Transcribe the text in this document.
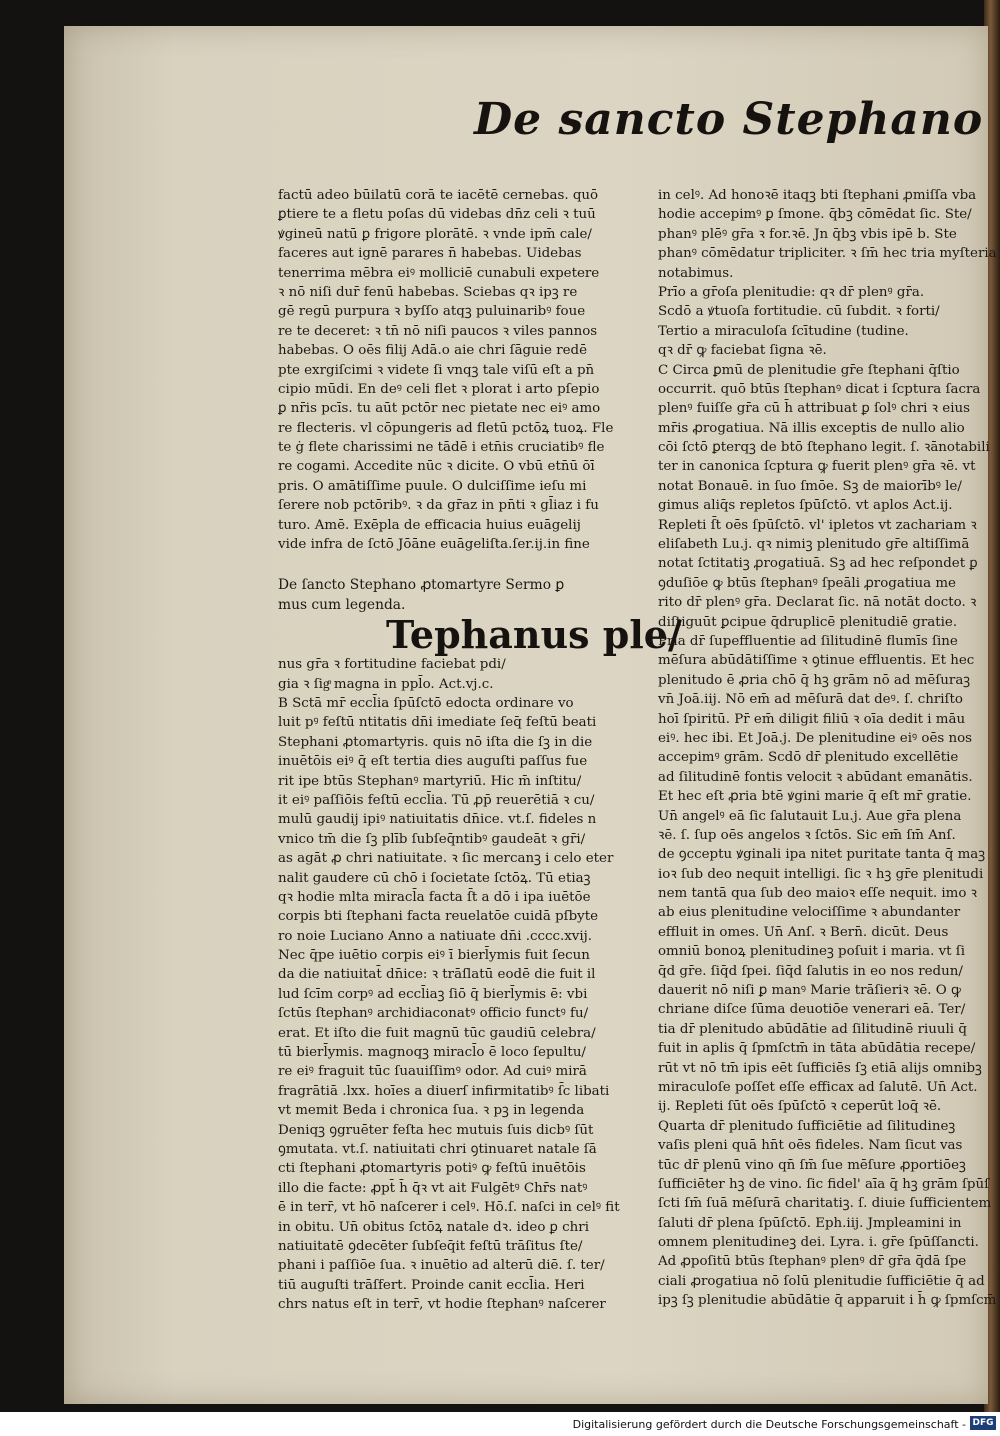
De sancto Stephano
factū adeo būilatū corā te iacētē cernebas. quō
ꝑtiere te a fletu poſas dū videbas dn̄z celi ꝛ tuū
ꝟgineū natū ꝑ frigore plorātē. ꝛ vnde ipm̄ cale/
faceres aut ignē parares n̄ habebas. Uidebas
tenerrima mēbra eiꝰ molliciē cunabuli expetere
ꝛ nō niſi dur̄ fenū habebas. Sciebas qꝛ ipꝫ re
gē regū purpura ꝛ byſſo atqꝫ puluinaribꝰ foue
re te deceret: ꝛ tn̄ nō niſi paucos ꝛ viles pannos
habebas. O oēs filij Adā.o aie chri ſāguie redē
pte exrgiſcimi ꝛ videte ſi vnqꝫ tale viſū eſt a pn̄
cipio mūdi. En deꝰ celi flet ꝛ plorat i arto pſepio
ꝑ nr̄is pcīs. tu aūt pctōr nec pietate nec eiꝰ amo
re flecteris. vl cōpungeris ad fletū pctōꝝ tuoꝝ. Fle
te ġ flete charissimi ne tādē i etn̄is cruciatibꝰ fle
re cogami. Accedite nūc ꝛ dicite. O vbū etn̄ū ōī
pris. O amātiſſime puule. O dulciſſime ieſu mi
ſerere nob pctōribꝰ. ꝛ da gr̄az in pn̄ti ꝛ gl̄iaz i fu
turo. Amē. Exēpla de efficacia huius euāgelij
vide infra de ſctō Jōāne euāgeliſta.ſer.ij.in fine
De ſancto Stephano ꝓtomartyre Sermo ꝑ
mus cum legenda.
Tephanus ple/
nus gr̄a ꝛ fortitudine faciebat pdi/
gia ꝛ ſigͣ magna in ppl̄o. Act.vj.c.
B Sctā mr̄ eccl̄ia ſpūſctō edocta ordinare vo
luit pꝰ feſtū ntitatis dn̄i imediate ſeq̄ feſtū beati
Stephani ꝓtomartyris. quis nō iſta die ſꝫ in die
inuētōis eiꝰ q̄ eſt tertia dies auguſti paſſus fue
rit ipe btūs Stephanꝰ martyriū. Hic m̄ inſtitu/
it eiꝰ paſſiōis feſtū eccl̄ia. Tū ꝓp̄ reuerētiā ꝛ cu/
mulū gaudij ipiꝰ natiuitatis dn̄ice. vt.ſ. fideles n
vnico tm̄ die ſꝫ plīb ſubſeq̄ntibꝰ gaudeāt ꝛ gr̄i/
as agāt ꝓ chri natiuitate. ꝛ ſic mercanꝫ i celo eter
nalit gaudere cū chō i ſocietate ſctōꝝ. Tū etiaꝫ
qꝛ hodie mlta miracl̄a facta ſ̄t a dō i ipa iuētōe
corpis bti ſtephani facta reuelatōe cuidā pſbyte
ro noie Luciano Anno a natiuate dn̄i .cccc.xvij.
Nec q̄pe iuētio corpis eiꝰ ī bierl̄ymis fuit ſecun
da die natiuitat̄ dn̄ice: ꝛ trāſlatū eodē die fuit il
lud ſcīm corpꝰ ad eccl̄iaꝫ ſiō q̄ bierl̄ymis ē: vbi
ſctūs ſtephanꝰ archidiaconatꝰ officio functꝰ fu/
erat. Et iſto die fuit magnū tūc gaudiū celebra/
tū bierl̄ymis. magnoqꝫ miracl̄o ē loco ſepultu/
re eiꝰ fraguit tūc ſuauiſſimꝰ odor. Ad cuiꝰ mirā
fragrātiā .lxx. hoīes a diuerſ infirmitatibꝰ ſ̄c libati
vt memit Beda i chronica ſua. ꝛ pꝫ in legenda
Deniqꝫ ꝯgruēter feſta hec mutuis ſuis dicbꝰ ſūt
ꝯmutata. vt.ſ. natiuitati chri ꝯtinuaret natale ſā
cti ſtephani ꝓtomartyris potiꝰ ꝙ feſtū inuētōis
illo die facte: ꝓpt̄ h̄ q̄ꝛ vt ait Fulgētꝰ Chr̄s natꝰ
ē in terr̄, vt hō naſcerer i celꝰ. Hō.ſ. naſci in celꝰ fit
in obitu. Un̄ obitus ſctōꝝ natale dꝛ. ideo ꝑ chri
natiuitatē ꝯdecēter ſubſeq̄it feſtū trāſitus ſte/
phani i paſſiōe ſua. ꝛ inuētio ad alterū diē. ſ. ter/
tiū auguſti trāſfert. Proinde canit eccl̄ia. Heri
chrs natus eſt in terr̄, vt hodie ſtephanꝰ naſcerer
in celꝰ. Ad honoꝛē itaqꝫ bti ſtephani ꝓmiſſa vba
hodie accepimꝰ ꝑ ſmone. q̄bꝫ cōmēdat ſic. Ste/
phanꝰ plēꝰ gr̄a ꝛ for.ꝛē. Jn q̄bꝫ vbis ipē b. Ste
phanꝰ cōmēdatur tripliciter. ꝛ ſm̄ hec tria myſteria
notabimus.
Prīo a gr̄oſa plenitudie: qꝛ dr̄ plenꝰ gr̄a.
Scdō a ꝟtuoſa fortitudie. cū ſubdit. ꝛ forti/
Tertio a miraculoſa ſcītudine (tudine.
qꝛ dr̄ ꝙ faciebat ſigna ꝛē.
C Circa ꝑmū de plenitudie gr̄e ſtephani q̄ſtio
occurrit. quō btūs ſtephanꝰ dicat i ſcptura ſacra
plenꝰ fuiſſe gr̄a cū h̄ attribuat ꝑ ſolꝰ chri ꝛ eius
mr̄is ꝓrogatiua. Nā illis exceptis de nullo alio
cōi ſctō ꝑterqꝫ de btō ſtephano legit. ſ. ꝛānotabili
ter in canonica ſcptura ꝙ fuerit plenꝰ gr̄a ꝛē. vt
notat Bonauē. in ſuo ſmōe. Sꝫ de maiorībꝰ le/
gimus aliq̄s repletos ſpūſctō. vt aplos Act.ij.
Repleti ſ̄t oēs ſpūſctō. vl' ipletos vt zachariam ꝛ
eliſabeth Lu.j. qꝛ nimiꝫ plenitudo gr̄e altiſſimā
notat ſctitatiꝫ ꝓrogatiuā. Sꝫ ad hec reſpondet ꝑ
ꝯduſiōe ꝙ btūs ſtephanꝰ ſpeāli ꝓrogatiua me
rito dr̄ plenꝰ gr̄a. Declarat ſic. nā notāt docto. ꝛ
diſtiguūt ꝑcipue q̄druplicē plenitudiē gratie.
Pria dr̄ ſupeffluentie ad ſilitudinē flumīs ſine
mēſura abūdātiſſime ꝛ ꝯtinue effluentis. Et hec
plenitudo ē ꝓria chō q̄ hꝫ grām nō ad mēſuraꝫ
vn̄ Joā.iij. Nō em̄ ad mēſurā dat deꝰ. ſ. chriſto
hoī ſpiritū. Pr̄ em̄ diligit filiū ꝛ oīa dedit i māu
eiꝰ. hec ibi. Et Joā.j. De plenitudine eiꝰ oēs nos
accepimꝰ grām. Scdō dr̄ plenitudo excellētie
ad ſilitudinē fontis velocit ꝛ abūdant emanātis.
Et hec eſt ꝓria btē ꝟgini marie q̄ eſt mr̄ gratie.
Un̄ angelꝰ eā ſic ſalutauit Lu.j. Aue gr̄a plena
ꝛē. ſ. ſup oēs angelos ꝛ ſctōs. Sic em̄ ſm̄ Anſ.
de ꝯcceptu ꝟginali ipa nitet puritate tanta q̄ maꝫ
ioꝛ ſub deo nequit intelligi. ſic ꝛ hꝫ gr̄e plenitudi
nem tantā qua ſub deo maioꝛ eſſe nequit. imo ꝛ
ab eius plenitudine velociſſime ꝛ abundanter
effluit in omes. Un̄ Anſ. ꝛ Bern̄. dicūt. Deus
omniū bonoꝝ plenitudineꝫ poſuit i maria. vt ſi
q̄d gr̄e. ſiq̄d ſpei. ſiq̄d ſalutis in eo nos redun/
dauerit nō niſi ꝑ manꝰ Marie trāſieriꝛ ꝛē. O ꝙ
chriane diſce ſūma deuotiōe venerari eā. Ter/
tia dr̄ plenitudo abūdātie ad ſilitudinē riuuli q̄
fuit in aplis q̄ ſpmſctm̄ in tāta abūdātia recepe/
rūt vt nō tm̄ ipis eēt ſufficiēs ſꝫ etiā alijs omnibꝫ
miraculoſe poſſet eſſe efficax ad ſalutē. Un̄ Act.
ij. Repleti ſūt oēs ſpūſctō ꝛ ceperūt loq̄ ꝛē.
Quarta dr̄ plenitudo ſufficiētie ad ſilitudineꝫ
vaſis pleni quā hn̄t oēs fideles. Nam ſicut vas
tūc dr̄ plenū vino qn̄ ſm̄ ſue mēſure ꝓportiōeꝫ
ſufficiēter hꝫ de vino. ſic fidel' aīa q̄ hꝫ grām ſpūſ
ſcti ſm̄ ſuā mēſurā charitatiꝫ. ſ. diuie ſufficientem
ſaluti dr̄ plena ſpūſctō. Eph.iij. Jmpleamini in
omnem plenitudineꝫ dei. Lyra. i. gr̄e ſpūſſancti.
Ad ꝓpoſitū btūs ſtephanꝰ plenꝰ dr̄ gr̄a q̄dā ſpe
ciali ꝓrogatiua nō ſolū plenitudie ſufficiētie q̄ ad
ipꝫ ſꝫ plenitudie abūdātie q̄ apparuit i h̄ ꝙ ſpmſcm̄
Digitalisierung gefördert durch die Deutsche Forschungsgemeinschaft - DFG
